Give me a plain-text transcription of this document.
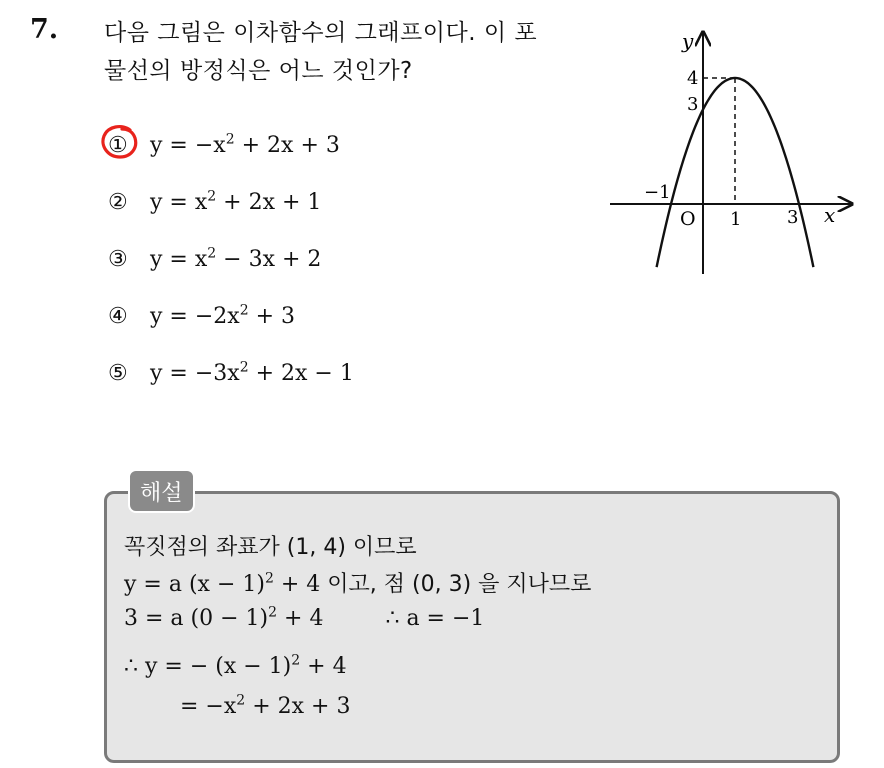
7. 다음 그림은 이차함수의 그래프이다. 이 포
물선의 방정식은 어느 것인가?
①	$y = -x^2 + 2x + 3$
②	$y = x^2 + 2x + 1$
③	$y = x^2 - 3x + 2$
④	$y = -2x^2 + 3$
⑤	$y = -3x^2 + 2x - 1$
y
x
O
4
3
−1
1	3
해설
꼭짓점의 좌표가 (1, 4) 이므로
y = a $(x - 1)^2 + 4$ 이고, 점 (0, 3) 을 지나므로
3 = a $(0 - 1)^2 + 4$	∴ a = −1
∴ y = − $(x - 1)^2 + 4$
= $-x^2 + 2x + 3$
